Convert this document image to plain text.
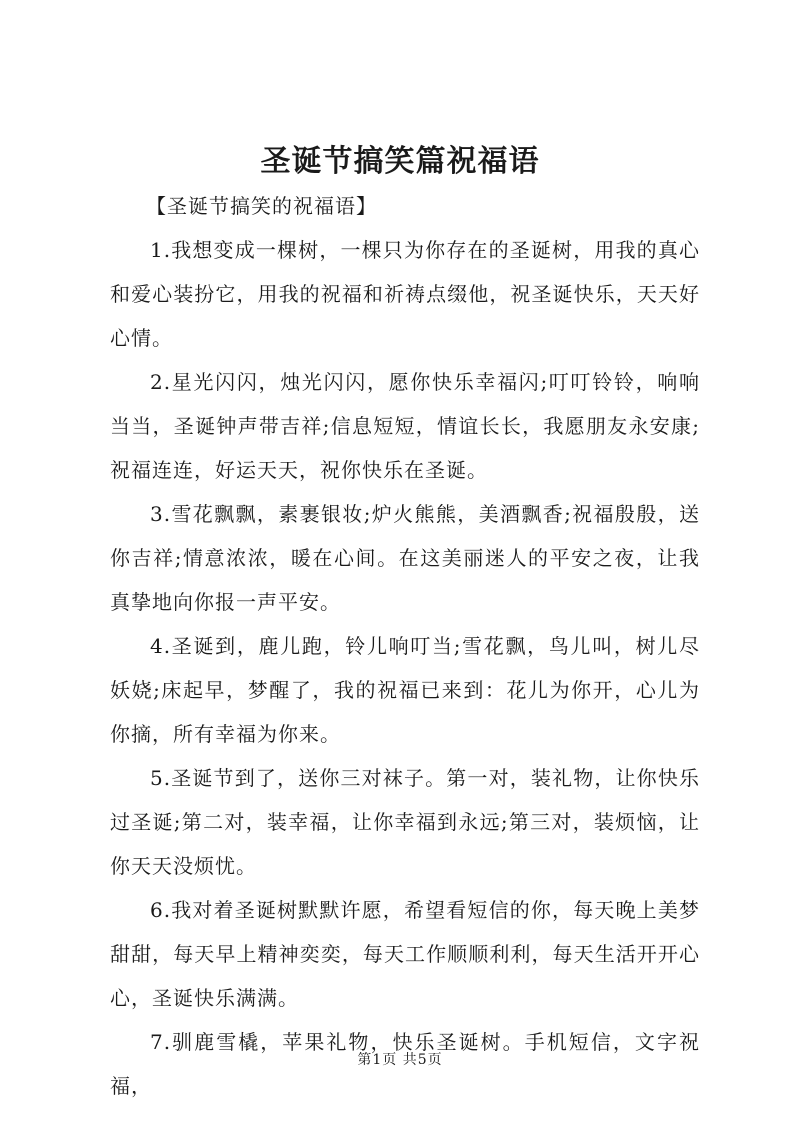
圣诞节搞笑篇祝福语

【圣诞节搞笑的祝福语】

1.我想变成一棵树，一棵只为你存在的圣诞树，用我的真心和爱心装扮它，用我的祝福和祈祷点缀他，祝圣诞快乐，天天好心情。

2.星光闪闪，烛光闪闪，愿你快乐幸福闪;叮叮铃铃，响响当当，圣诞钟声带吉祥;信息短短，情谊长长，我愿朋友永安康;祝福连连，好运天天，祝你快乐在圣诞。

3.雪花飘飘，素裹银妆;炉火熊熊，美酒飘香;祝福殷殷，送你吉祥;情意浓浓，暖在心间。在这美丽迷人的平安之夜，让我真挚地向你报一声平安。

4.圣诞到，鹿儿跑，铃儿响叮当;雪花飘，鸟儿叫，树儿尽妖娆;床起早，梦醒了，我的祝福已来到：花儿为你开，心儿为你摘，所有幸福为你来。

5.圣诞节到了，送你三对袜子。第一对，装礼物，让你快乐过圣诞;第二对，装幸福，让你幸福到永远;第三对，装烦恼，让你天天没烦忧。

6.我对着圣诞树默默许愿，希望看短信的你，每天晚上美梦甜甜，每天早上精神奕奕，每天工作顺顺利利，每天生活开开心心，圣诞快乐满满。

7.驯鹿雪橇，苹果礼物，快乐圣诞树。手机短信，文字祝福，

第1页 共5页
